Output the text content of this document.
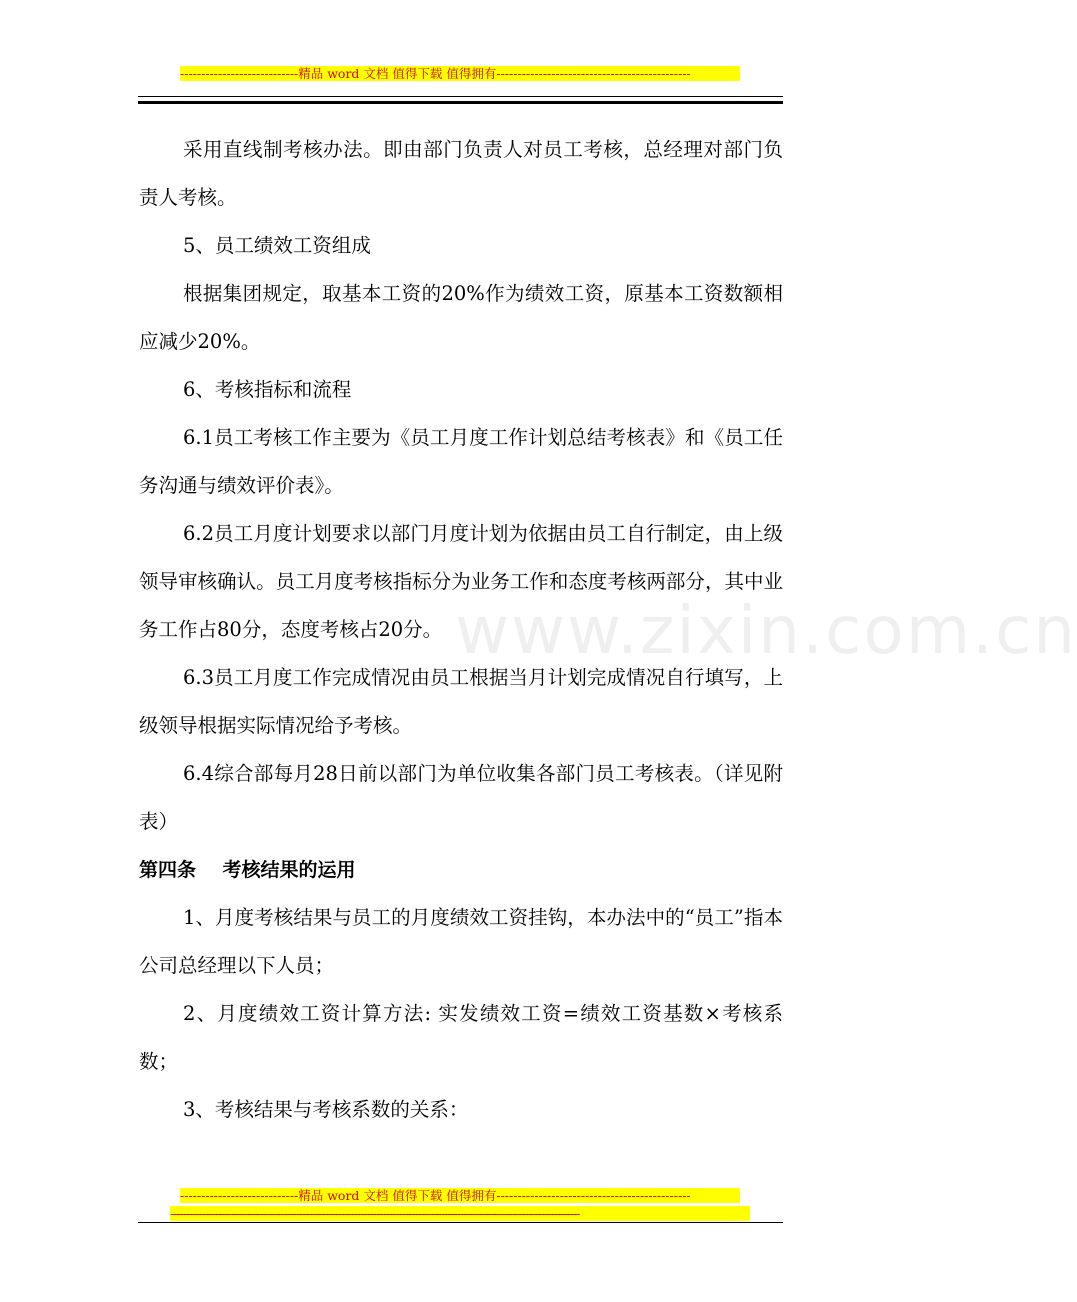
----------------------------精品 word 文档 值得下载 值得拥有----------------------------------------------
www.zixin.com.cn

采用直线制考核办法。即由部门负责人对员工考核，总经理对部门负责人考核。

5、员工绩效工资组成

根据集团规定，取基本工资的20%作为绩效工资，原基本工资数额相应减少20%。

6、考核指标和流程

6.1员工考核工作主要为《员工月度工作计划总结考核表》和《员工任务沟通与绩效评价表》。

6.2员工月度计划要求以部门月度计划为依据由员工自行制定，由上级领导审核确认。员工月度考核指标分为业务工作和态度考核两部分，其中业务工作占80分，态度考核占20分。

6.3员工月度工作完成情况由员工根据当月计划完成情况自行填写，上级领导根据实际情况给予考核。

6.4综合部每月28日前以部门为单位收集各部门员工考核表。（详见附表）

第四条    考核结果的运用

1、月度考核结果与员工的月度绩效工资挂钩，本办法中的“员工”指本公司总经理以下人员；

2、月度绩效工资计算方法: 实发绩效工资=绩效工资基数×考核系数；

3、考核结果与考核系数的关系：

----------------------------精品 word 文档 值得下载 值得拥有----------------------------------------------
-------------------------------------------------------------------------------------------------------------------------------
